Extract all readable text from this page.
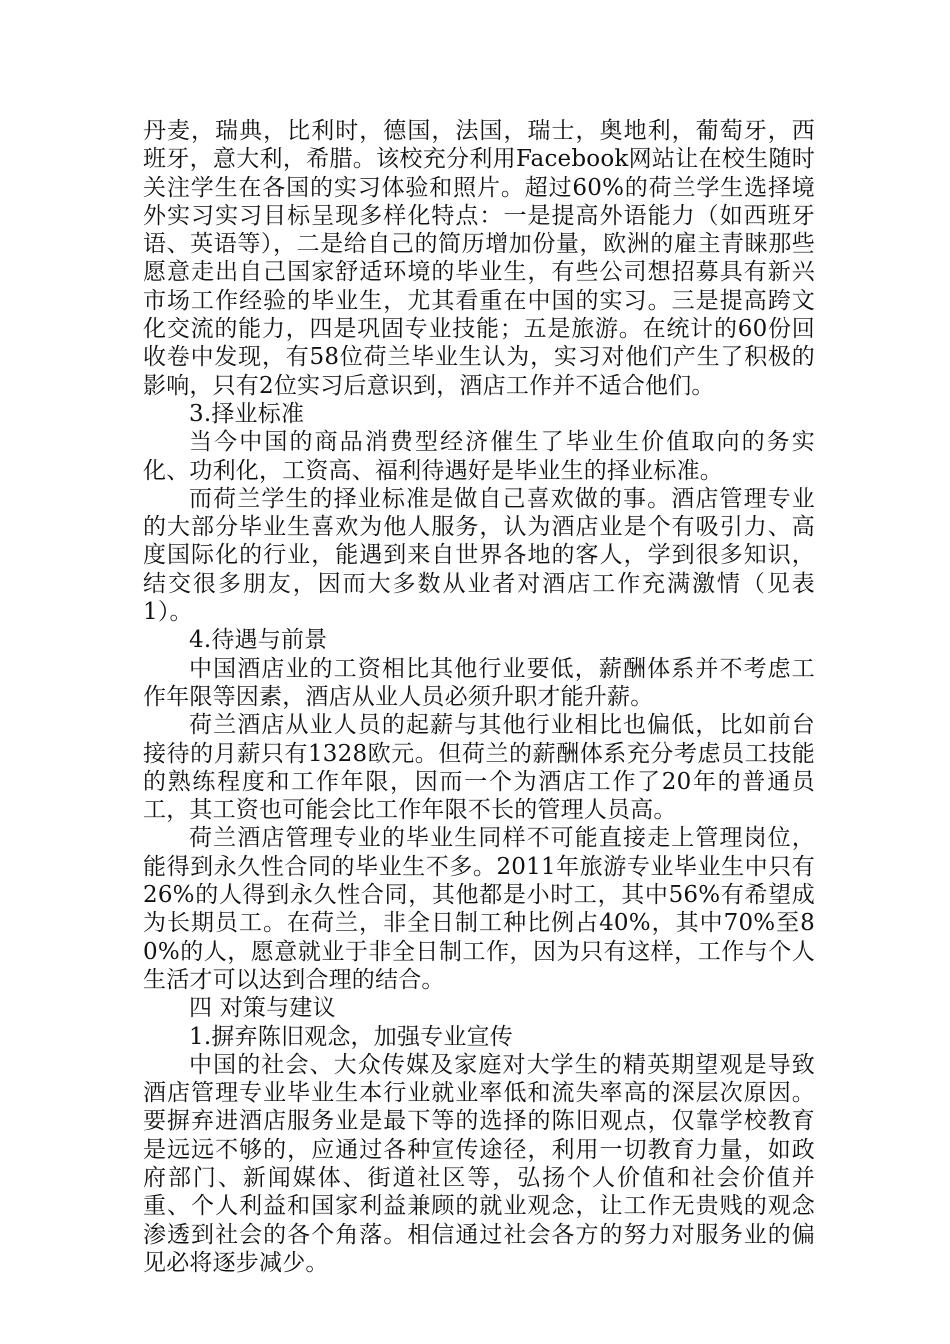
丹麦，瑞典，比利时，德国，法国，瑞士，奥地利，葡萄牙，西班牙，意大利，希腊。该校充分利用Facebook网站让在校生随时关注学生在各国的实习体验和照片。超过60%的荷兰学生选择境外实习实习目标呈现多样化特点：一是提高外语能力（如西班牙语、英语等），二是给自己的简历增加份量，欧洲的雇主青睐那些愿意走出自己国家舒适环境的毕业生，有些公司想招募具有新兴市场工作经验的毕业生，尤其看重在中国的实习。三是提高跨文化交流的能力，四是巩固专业技能；五是旅游。在统计的60份回收卷中发现，有58位荷兰毕业生认为，实习对他们产生了积极的影响，只有2位实习后意识到，酒店工作并不适合他们。

3.择业标准

当今中国的商品消费型经济催生了毕业生价值取向的务实化、功利化，工资高、福利待遇好是毕业生的择业标准。

而荷兰学生的择业标准是做自己喜欢做的事。酒店管理专业的大部分毕业生喜欢为他人服务，认为酒店业是个有吸引力、高度国际化的行业，能遇到来自世界各地的客人，学到很多知识，结交很多朋友，因而大多数从业者对酒店工作充满激情（见表1）。

4.待遇与前景

中国酒店业的工资相比其他行业要低，薪酬体系并不考虑工作年限等因素，酒店从业人员必须升职才能升薪。

荷兰酒店从业人员的起薪与其他行业相比也偏低，比如前台接待的月薪只有1328欧元。但荷兰的薪酬体系充分考虑员工技能的熟练程度和工作年限，因而一个为酒店工作了20年的普通员工，其工资也可能会比工作年限不长的管理人员高。

荷兰酒店管理专业的毕业生同样不可能直接走上管理岗位，能得到永久性合同的毕业生不多。2011年旅游专业毕业生中只有26%的人得到永久性合同，其他都是小时工，其中56%有希望成为长期员工。在荷兰，非全日制工种比例占40%，其中70%至80%的人，愿意就业于非全日制工作，因为只有这样，工作与个人生活才可以达到合理的结合。

四 对策与建议

1.摒弃陈旧观念，加强专业宣传

中国的社会、大众传媒及家庭对大学生的精英期望观是导致酒店管理专业毕业生本行业就业率低和流失率高的深层次原因。要摒弃进酒店服务业是最下等的选择的陈旧观点，仅靠学校教育是远远不够的，应通过各种宣传途径，利用一切教育力量，如政府部门、新闻媒体、街道社区等，弘扬个人价值和社会价值并重、个人利益和国家利益兼顾的就业观念，让工作无贵贱的观念渗透到社会的各个角落。相信通过社会各方的努力对服务业的偏见必将逐步减少。
